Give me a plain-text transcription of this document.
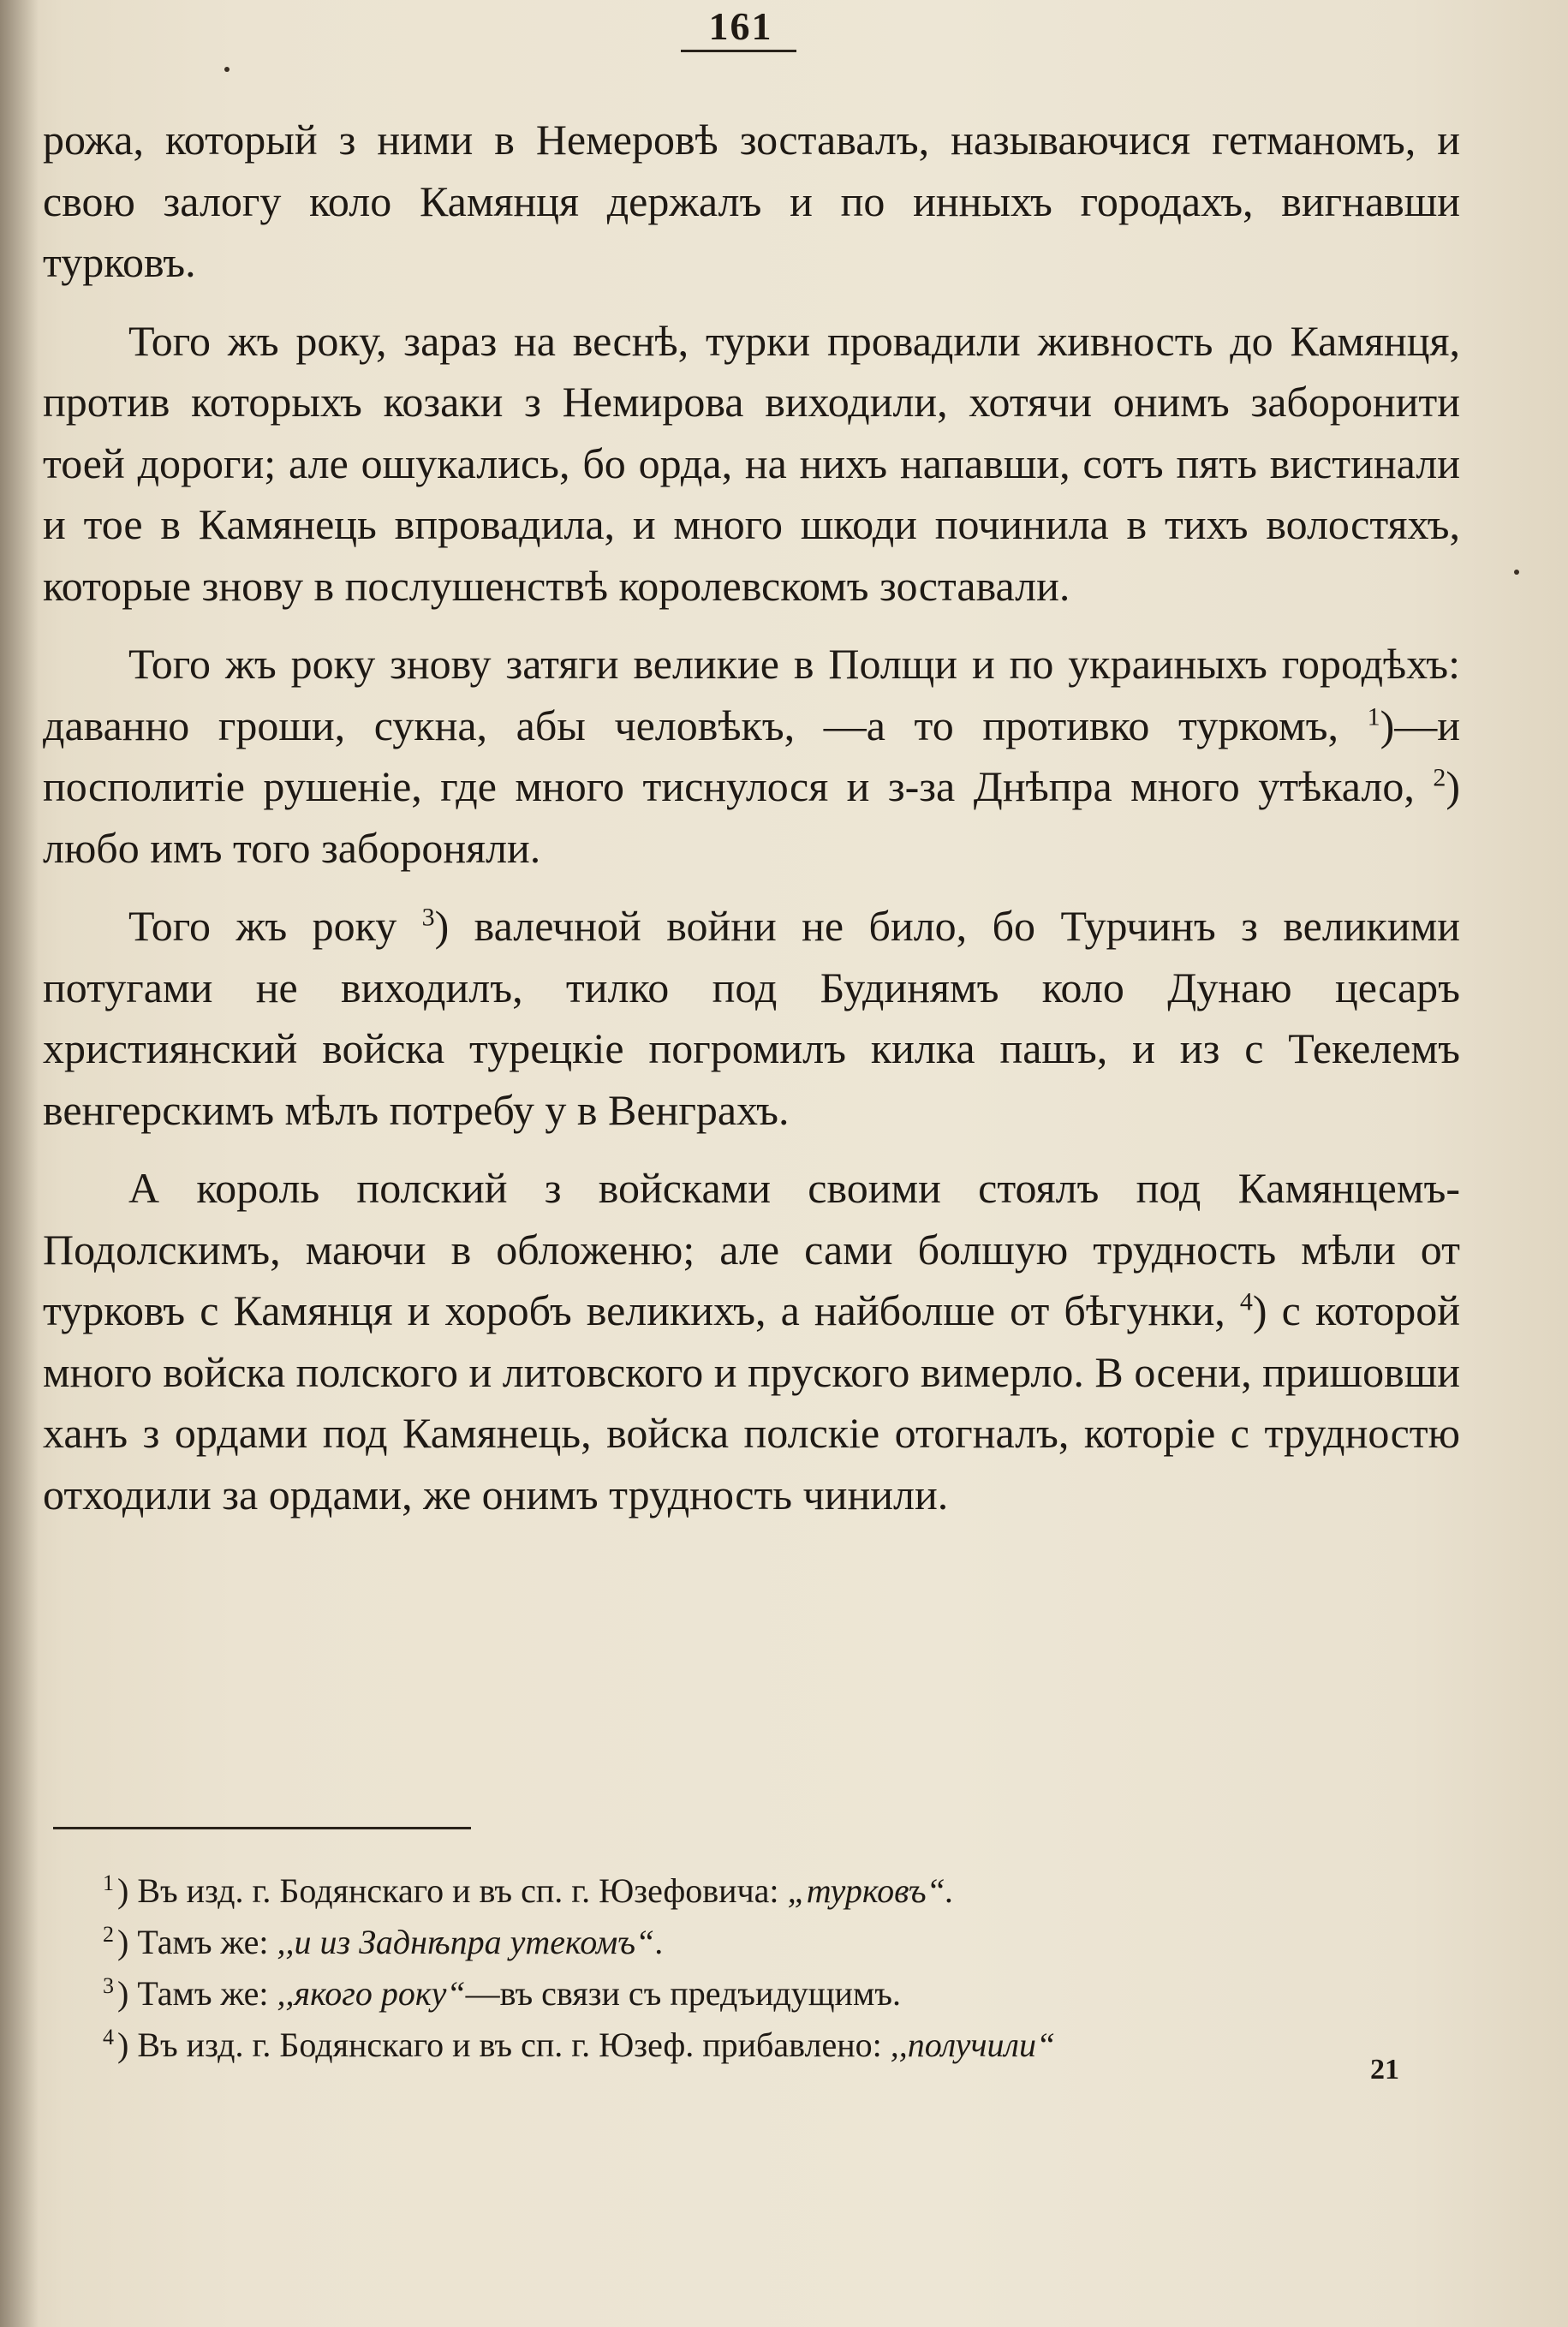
161

рожа, который з ними в Немеровѣ зоставалъ, называючися гетманомъ, и свою залогу коло Камянця держалъ и по инныхъ городахъ, вигнавши турковъ.

Того жъ року, зараз на веснѣ, турки провадили живность до Камянця, против которыхъ козаки з Немирова виходили, хотячи онимъ заборонити тоей дороги; але ошукались, бо орда, на нихъ напавши, сотъ пять вистинали и тое в Камянець впровадила, и много шкоди починила в тихъ волостяхъ, которые знову в послушенствѣ королевскомъ зоставали.

Того жъ року знову затяги великие в Полщи и по украиныхъ городѣхъ: даванно гроши, сукна, абы человѣкъ, —а то противко туркомъ, $^1$)—и посполитіе рушеніе, где много тиснулося и з-за Днѣпра много утѣкало, $^2$) любо имъ того забороняли.

Того жъ року $^3$) валечной войни не било, бо Турчинъ з великими потугами не виходилъ, тилко под Будинямъ коло Дунаю цесаръ християнский войска турецкіе погромилъ килка пашъ, и из с Текелемъ венгерскимъ мѣлъ потребу у в Венграхъ.

А король полский з войсками своими стоялъ под Камянцемъ-Подолскимъ, маючи в обложеню; але сами болшую трудность мѣли от турковъ с Камянця и хоробъ великихъ, а найболше от бѣгунки, $^4$) с которой много войска полского и литовского и пруского вимерло. В осени, пришовши ханъ з ордами под Камянець, войска полскіе отогналъ, которіе с трудностю отходили за ордами, же онимъ трудность чинили.

$^1$ ) Въ изд. г. Бодянскаго и въ сп. г. Юзефовича: „турковъ“.
$^2$ ) Тамъ же: ,,и из Заднѣпра утекомъ“.
$^3$ ) Тамъ же: ,,якого року“—въ связи съ предъидущимъ.
$^4$ ) Въ изд. г. Бодянскаго и въ сп. г. Юзеф. прибавлено: ,,получили“
21
